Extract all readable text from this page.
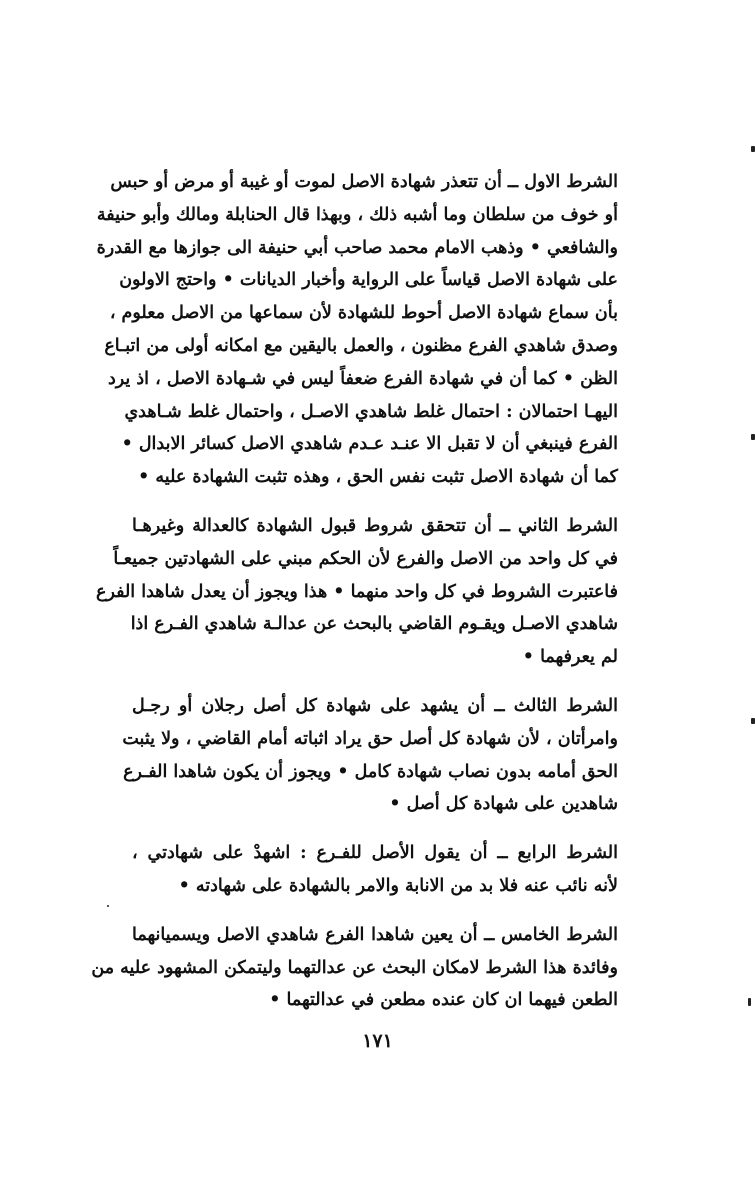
الشرط الاول ــ أن تتعذر شهادة الاصل لموت أو غيبة أو مرض أو حبس
أو خوف من سلطان وما أشبه ذلك ، وبهذا قال الحنابلة ومالك وأبو حنيفة
والشافعي • وذهب الامام محمد صاحب أبي حنيفة الى جوازها مع القدرة
على شهادة الاصل قياساً على الرواية وأخبار الديانات • واحتج الاولون
بأن سماع شهادة الاصل أحوط للشهادة لأن سماعها من الاصل معلوم ،
وصدق شاهدي الفرع مظنون ، والعمل باليقين مع امكانه أولى من اتبـاع
الظن • كما أن في شهادة الفرع ضعفاً ليس في شـهادة الاصل ، اذ يرد
اليهـا احتمالان : احتمال غلط شاهدي الاصـل ، واحتمال غلط شـاهدي
الفرع فينبغي أن لا تقبل الا عنـد عـدم شاهدي الاصل كسائر الابدال •
كما أن شهادة الاصل تثبت نفس الحق ، وهذه تثبت الشهادة عليه •

الشرط الثاني ــ أن تتحقق شروط قبول الشهادة كالعدالة وغيرهـا
في كل واحد من الاصل والفرع لأن الحكم مبني على الشهادتين جميعـاً
فاعتبرت الشروط في كل واحد منهما • هذا ويجوز أن يعدل شاهدا الفرع
شاهدي الاصـل ويقـوم القاضي بالبحث عن عدالـة شاهدي الفـرع اذا
لم يعرفهما •

الشرط الثالث ــ أن يشهد على شهادة كل أصل رجلان أو رجـل
وامرأتان ، لأن شهادة كل أصل حق يراد اثباته أمام القاضي ، ولا يثبت
الحق أمامه بدون نصاب شهادة كامل • ويجوز أن يكون شاهدا الفـرع
شاهدين على شهادة كل أصل •

الشرط الرابع ــ أن يقول الأصل للفـرع : اشهدْ على شهادتي ،
لأنه نائب عنه فلا بد من الانابة والامر بالشهادة على شهادته •

الشرط الخامس ــ أن يعين شاهدا الفرع شاهدي الاصل ويسميانهما
وفائدة هذا الشرط لامكان البحث عن عدالتهما وليتمكن المشهود عليه من
الطعن فيهما ان كان عنده مطعن في عدالتهما •

١٧١
